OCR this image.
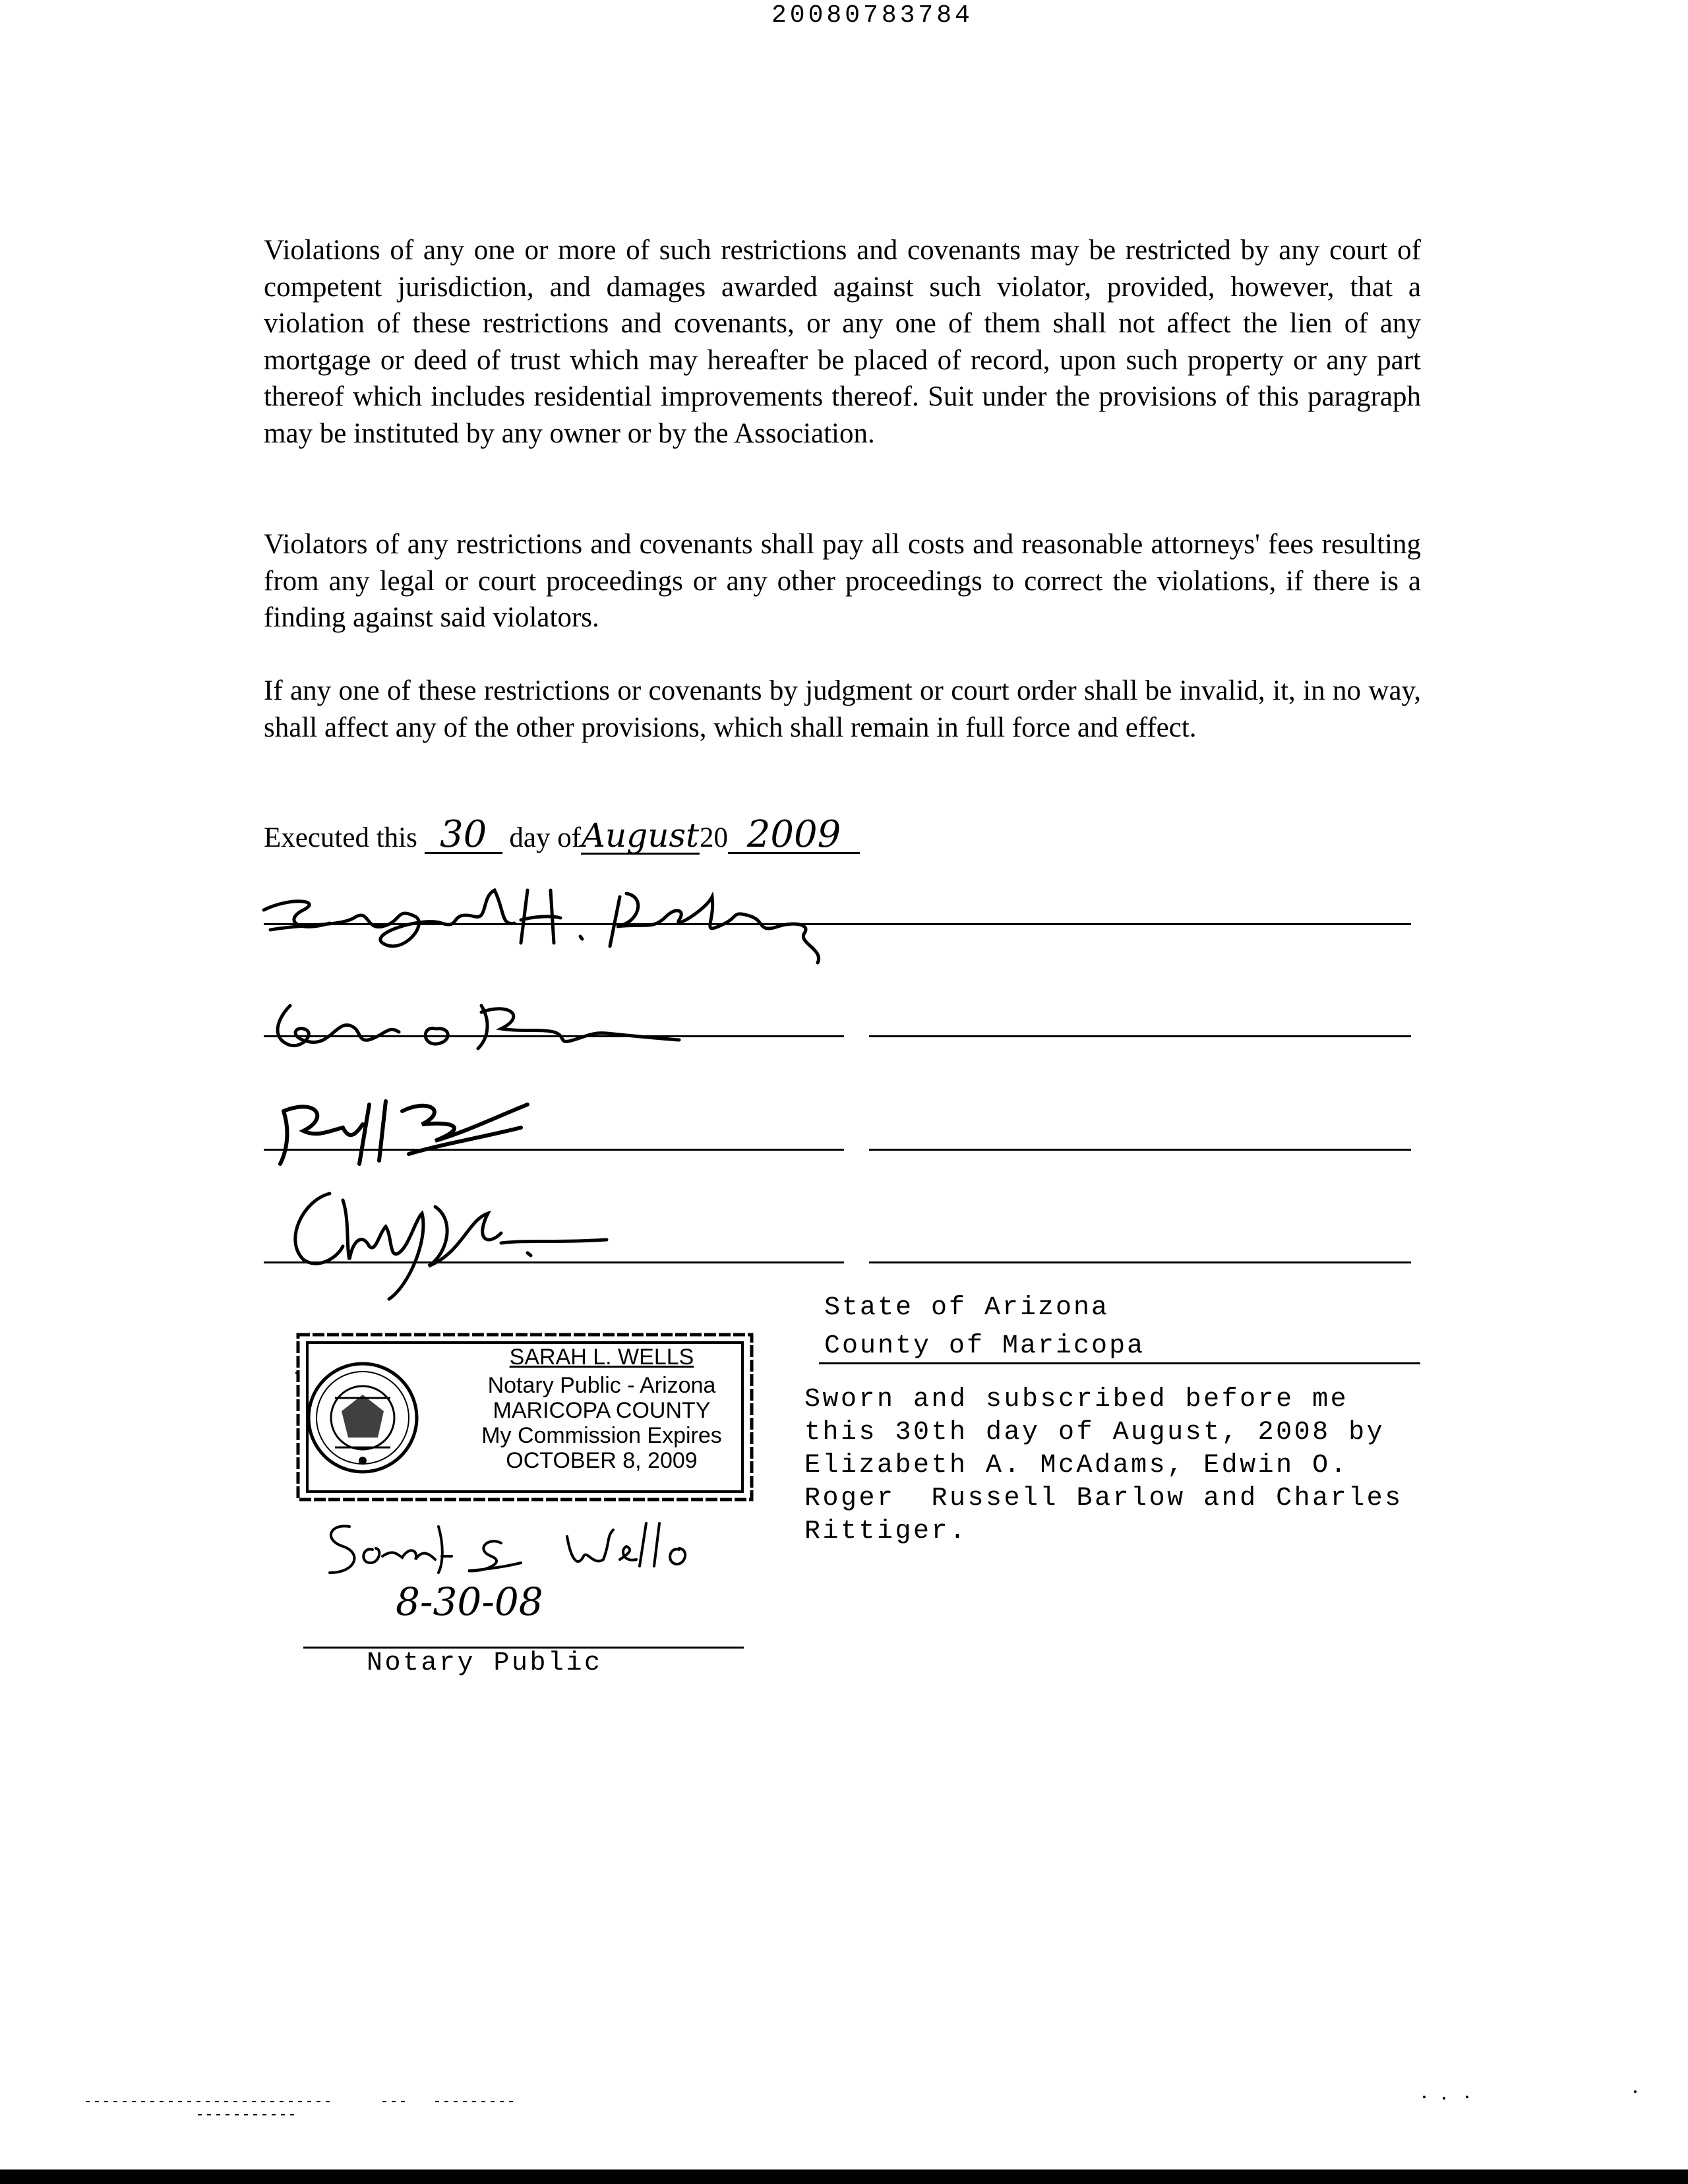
20080783784

Violations of any one or more of such restrictions and covenants may be restricted by any court of competent jurisdiction, and damages awarded against such violator, provided, however, that a violation of these restrictions and covenants, or any one of them shall not affect the lien of any mortgage or deed of trust which may hereafter be placed of record, upon such property or any part thereof which includes residential improvements thereof. Suit under the provisions of this paragraph may be instituted by any owner or by the Association.

Violators of any restrictions and covenants shall pay all costs and reasonable attorneys' fees resulting from any legal or court proceedings or any other proceedings to correct the violations, if there is a finding against said violators.

If any one of these restrictions or covenants by judgment or court order shall be invalid, it, in no way, shall affect any of the other provisions, which shall remain in full force and effect.

Executed this 30 day ofAugust20 2009
State of Arizona
County of Maricopa
Sworn and subscribed before me
this 30th day of August, 2008 by
Elizabeth A. McAdams, Edwin O.
Roger  Russell Barlow and Charles
Rittiger.
SARAH L. WELLS
Notary Public - Arizona
MARICOPA COUNTY
My Commission Expires
OCTOBER 8, 2009
8-30-08
Notary Public
